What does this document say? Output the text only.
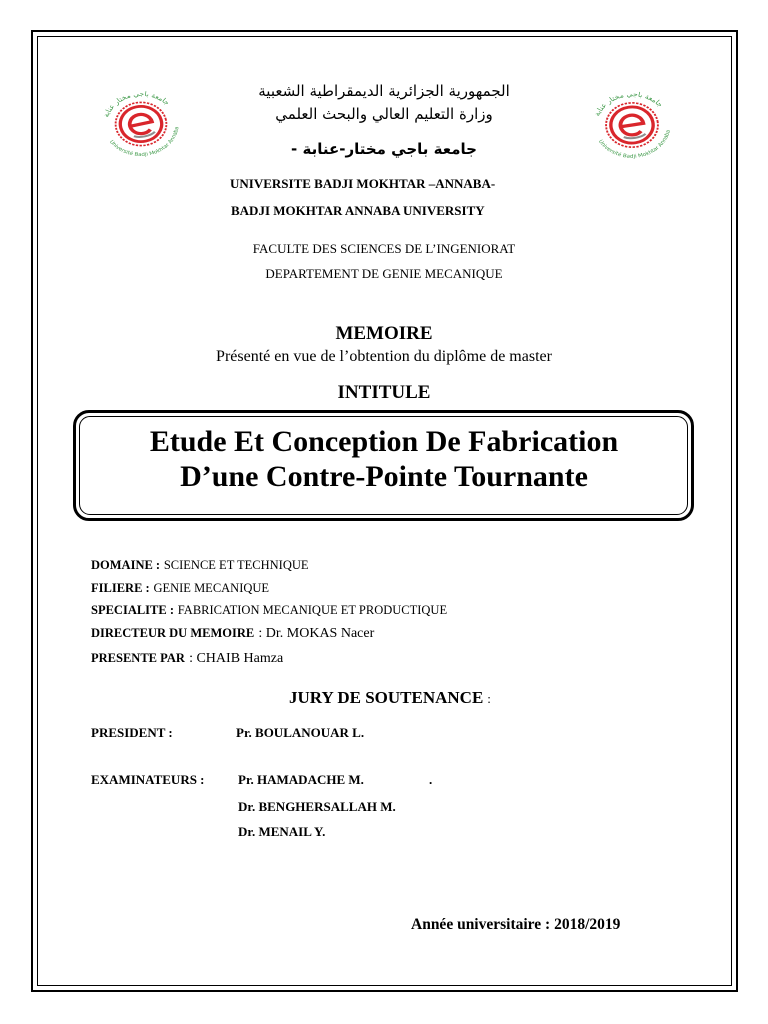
جامعة باجي مختار عنابة
Université Badji Mokhtar Annaba
جامعة باجي مختار عنابة
Université Badji Mokhtar Annaba
الجمهورية الجزائرية الديمقراطية الشعبية
وزارة التعليم العالي والبحث العلمي
جامعة باجي مختار-عنابة -
UNIVERSITE BADJI MOKHTAR –ANNABA-
BADJI MOKHTAR ANNABA UNIVERSITY
FACULTE DES SCIENCES DE L’INGENIORAT
DEPARTEMENT DE GENIE MECANIQUE
MEMOIRE
Présenté en vue de l’obtention du diplôme de master
INTITULE
Etude Et Conception De Fabrication
D’une Contre-Pointe Tournante
DOMAINE : SCIENCE ET TECHNIQUE
FILIERE : GENIE MECANIQUE
SPECIALITE : FABRICATION MECANIQUE ET PRODUCTIQUE
DIRECTEUR DU MEMOIRE : Dr. MOKAS Nacer
PRESENTE PAR : CHAIB Hamza
JURY DE SOUTENANCE :
PRESIDENT :	Pr. BOULANOUAR L.
EXAMINATEURS :	Pr. HAMADACHE M.	.
Dr. BENGHERSALLAH M.
Dr. MENAIL Y.
Année universitaire : 2018/2019
